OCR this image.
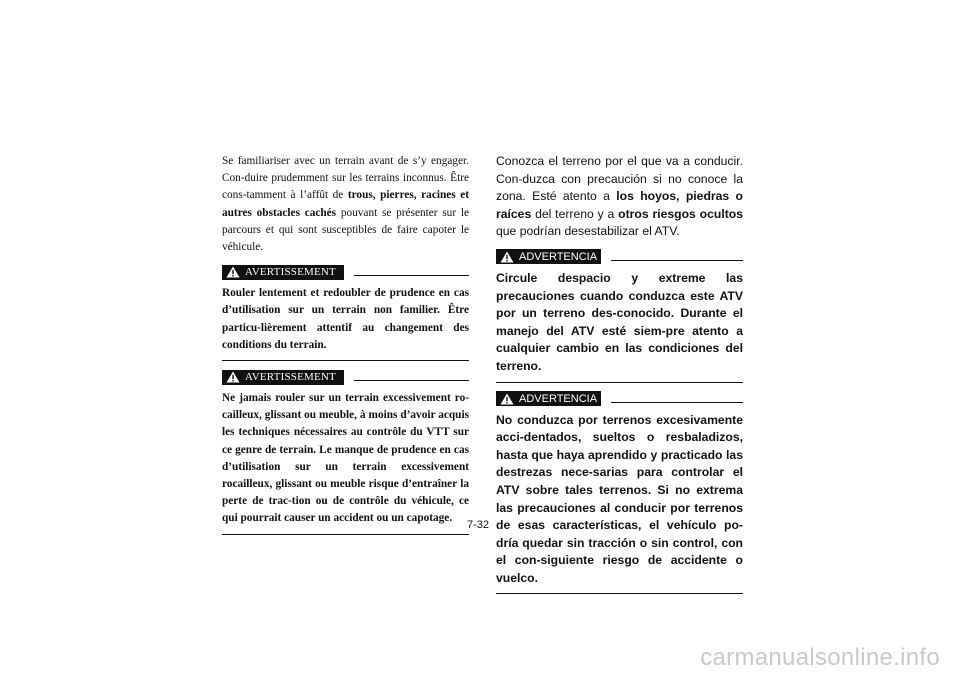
Se familiariser avec un terrain avant de s’y engager. Con-duire prudemment sur les terrains inconnus. Être cons-tamment à l’affût de trous, pierres, racines et autres obstacles cachés pouvant se présenter sur le parcours et qui sont susceptibles de faire capoter le véhicule.

AVERTISSEMENT

Rouler lentement et redoubler de prudence en cas d’utilisation sur un terrain non familier. Être particu-lièrement attentif au changement des conditions du terrain.

AVERTISSEMENT

Ne jamais rouler sur un terrain excessivement ro-cailleux, glissant ou meuble, à moins d’avoir acquis les techniques nécessaires au contrôle du VTT sur ce genre de terrain. Le manque de prudence en cas d’utilisation sur un terrain excessivement rocailleux, glissant ou meuble risque d’entraîner la perte de trac-tion ou de contrôle du véhicule, ce qui pourrait causer un accident ou un capotage.

Conozca el terreno por el que va a conducir. Con-duzca con precaución si no conoce la zona. Esté atento a los hoyos, piedras o raíces del terreno y a otros riesgos ocultos que podrían desestabilizar el ATV.

ADVERTENCIA

Circule despacio y extreme las precauciones cuando conduzca este ATV por un terreno des-conocido. Durante el manejo del ATV esté siem-pre atento a cualquier cambio en las condiciones del terreno.

ADVERTENCIA

No conduzca por terrenos excesivamente acci-dentados, sueltos o resbaladizos, hasta que haya aprendido y practicado las destrezas nece-sarias para controlar el ATV sobre tales terrenos. Si no extrema las precauciones al conducir por terrenos de esas características, el vehículo po-dría quedar sin tracción o sin control, con el con-siguiente riesgo de accidente o vuelco.

7-32
carmanualsonline.info
